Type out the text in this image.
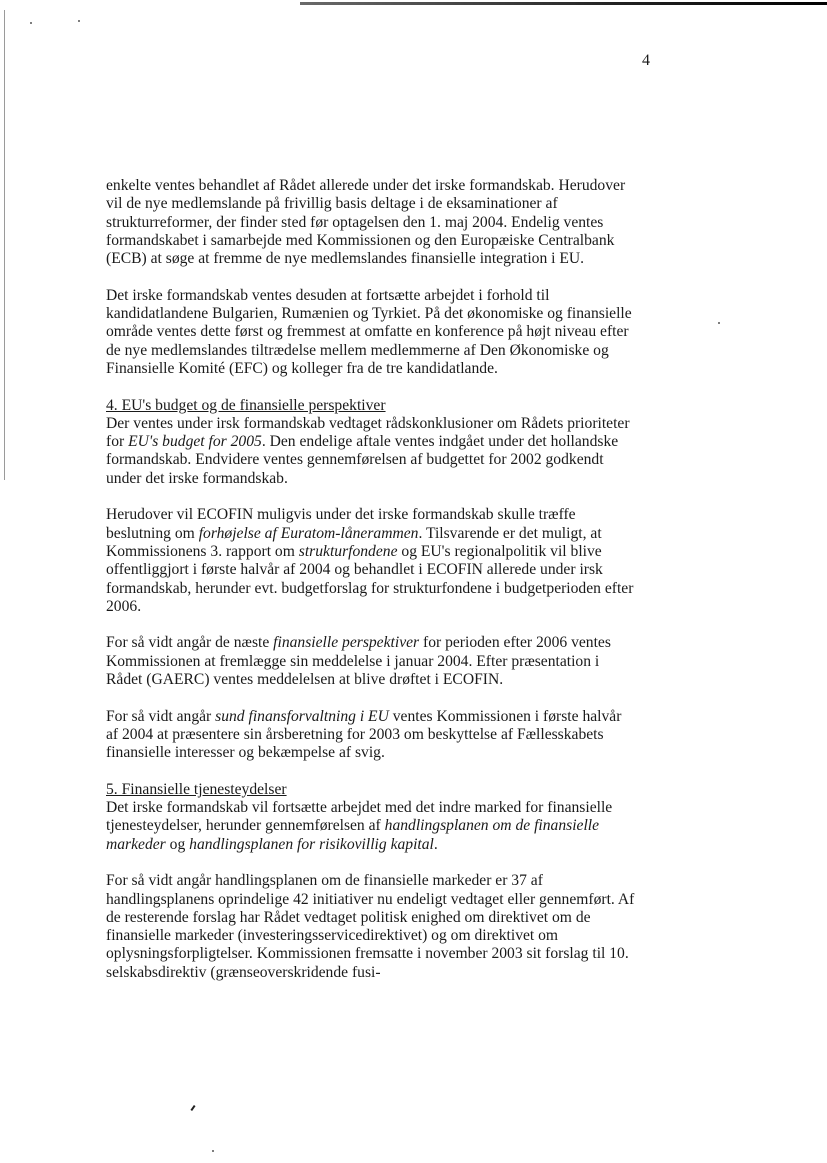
4

enkelte ventes behandlet af Rådet allerede under det irske formandskab. Herudover vil de nye medlemslande på frivillig basis deltage i de eksaminationer af strukturreformer, der finder sted før optagelsen den 1. maj 2004. Endelig ventes formandskabet i samarbejde med Kommissionen og den Europæiske Centralbank (ECB) at søge at fremme de nye medlemslandes finansielle integration i EU.

Det irske formandskab ventes desuden at fortsætte arbejdet i forhold til kandidatlandene Bulgarien, Rumænien og Tyrkiet. På det økonomiske og finansielle område ventes dette først og fremmest at omfatte en konference på højt niveau efter de nye medlemslandes tiltrædelse mellem medlemmerne af Den Økonomiske og Finansielle Komité (EFC) og kolleger fra de tre kandidatlande.

4. EU's budget og de finansielle perspektiver

Der ventes under irsk formandskab vedtaget rådskonklusioner om Rådets prioriteter for EU's budget for 2005. Den endelige aftale ventes indgået under det hollandske formandskab. Endvidere ventes gennemførelsen af budgettet for 2002 godkendt under det irske formandskab.

Herudover vil ECOFIN muligvis under det irske formandskab skulle træffe beslutning om forhøjelse af Euratom-lånerammen. Tilsvarende er det muligt, at Kommissionens 3. rapport om strukturfondene og EU's regionalpolitik vil blive offentliggjort i første halvår af 2004 og behandlet i ECOFIN allerede under irsk formandskab, herunder evt. budgetforslag for strukturfondene i budgetperioden efter 2006.

For så vidt angår de næste finansielle perspektiver for perioden efter 2006 ventes Kommissionen at fremlægge sin meddelelse i januar 2004. Efter præsentation i Rådet (GAERC) ventes meddelelsen at blive drøftet i ECOFIN.

For så vidt angår sund finansforvaltning i EU ventes Kommissionen i første halvår af 2004 at præsentere sin årsberetning for 2003 om beskyttelse af Fællesskabets finansielle interesser og bekæmpelse af svig.

5. Finansielle tjenesteydelser

Det irske formandskab vil fortsætte arbejdet med det indre marked for finansielle tjenesteydelser, herunder gennemførelsen af handlingsplanen om de finansielle markeder og handlingsplanen for risikovillig kapital.

For så vidt angår handlingsplanen om de finansielle markeder er 37 af handlingsplanens oprindelige 42 initiativer nu endeligt vedtaget eller gennemført. Af de resterende forslag har Rådet vedtaget politisk enighed om direktivet om de finansielle markeder (investeringsservicedirektivet) og om direktivet om oplysningsforpligtelser. Kommissionen fremsatte i november 2003 sit forslag til 10. selskabsdirektiv (grænseoverskridende fusi-
